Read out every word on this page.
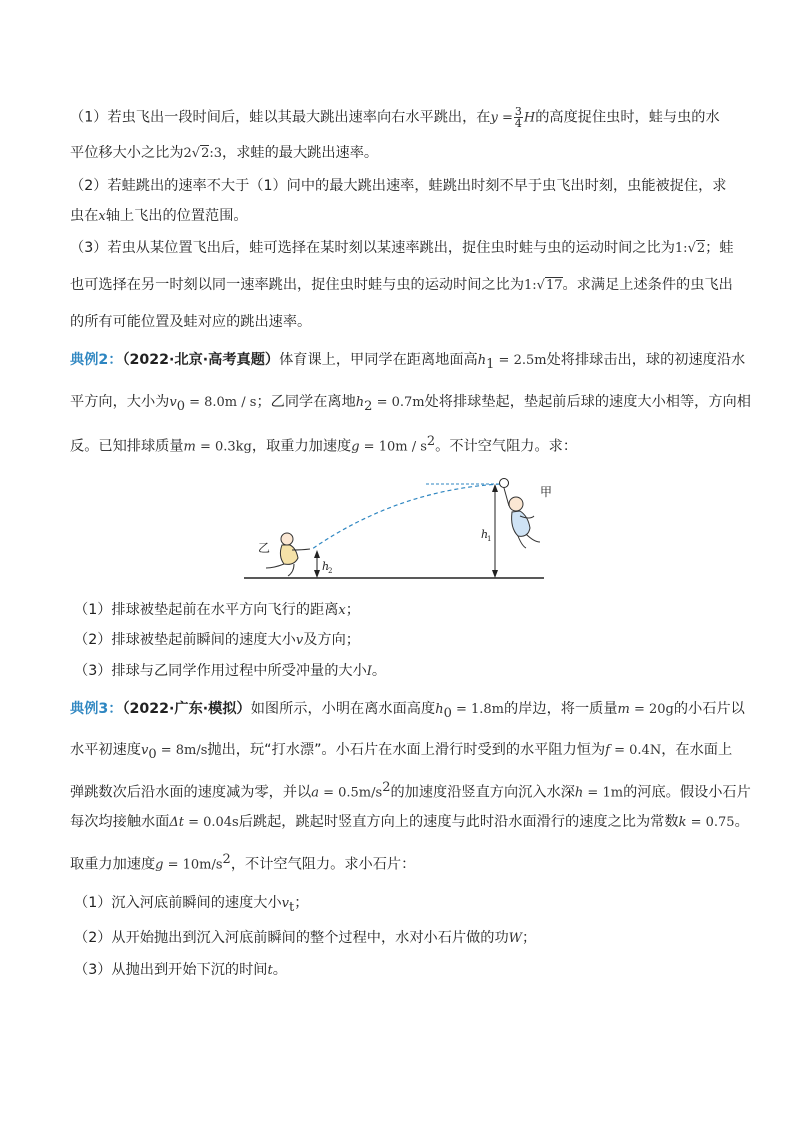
（1）若虫飞出一段时间后，蛙以其最大跳出速率向右水平跳出，在$y = \frac{3}{4}$ H的高度捉住虫时，蛙与虫的水
平位移大小之比为2√2:3，求蛙的最大跳出速率。
（2）若蛙跳出的速率不大于（1）问中的最大跳出速率，蛙跳出时刻不早于虫飞出时刻，虫能被捉住，求
虫在x轴上飞出的位置范围。
（3）若虫从某位置飞出后，蛙可选择在某时刻以某速率跳出，捉住虫时蛙与虫的运动时间之比为1:√2；蛙
也可选择在另一时刻以同一速率跳出，捉住虫时蛙与虫的运动时间之比为1:√17。求满足上述条件的虫飞出
的所有可能位置及蛙对应的跳出速率。
典例2：（2022·北京·高考真题）体育课上，甲同学在距离地面高$h_1 = 2.5m$处将排球击出，球的初速度沿水
平方向，大小为$v_0 = 8.0m / s$；乙同学在离地$h_2 = 0.7m$处将排球垫起，垫起前后球的速度大小相等，方向相
反。已知排球质量m = 0.3kg，取重力加速度$g = 10m / s^2$。不计空气阻力。求：
h
1
h
2
甲
乙
（1）排球被垫起前在水平方向飞行的距离x；
（2）排球被垫起前瞬间的速度大小v及方向；
（3）排球与乙同学作用过程中所受冲量的大小I。
典例3：（2022·广东·模拟）如图所示，小明在离水面高度$h_0 = 1.8m$的岸边，将一质量m = 20g的小石片以
水平初速度$v_0 = 8m/s$抛出，玩“打水漂”。小石片在水面上滑行时受到的水平阻力恒为f = 0.4N，在水面上
弹跳数次后沿水面的速度减为零，并以$a = 0.5m/s^2$的加速度沿竖直方向沉入水深h = 1m的河底。假设小石片
每次均接触水面Δt = 0.04s后跳起，跳起时竖直方向上的速度与此时沿水面滑行的速度之比为常数k = 0.75。
取重力加速度$g = 10m/s^2$，不计空气阻力。求小石片：
（1）沉入河底前瞬间的速度大小$v_t$；
（2）从开始抛出到沉入河底前瞬间的整个过程中，水对小石片做的功W；
（3）从抛出到开始下沉的时间t。
